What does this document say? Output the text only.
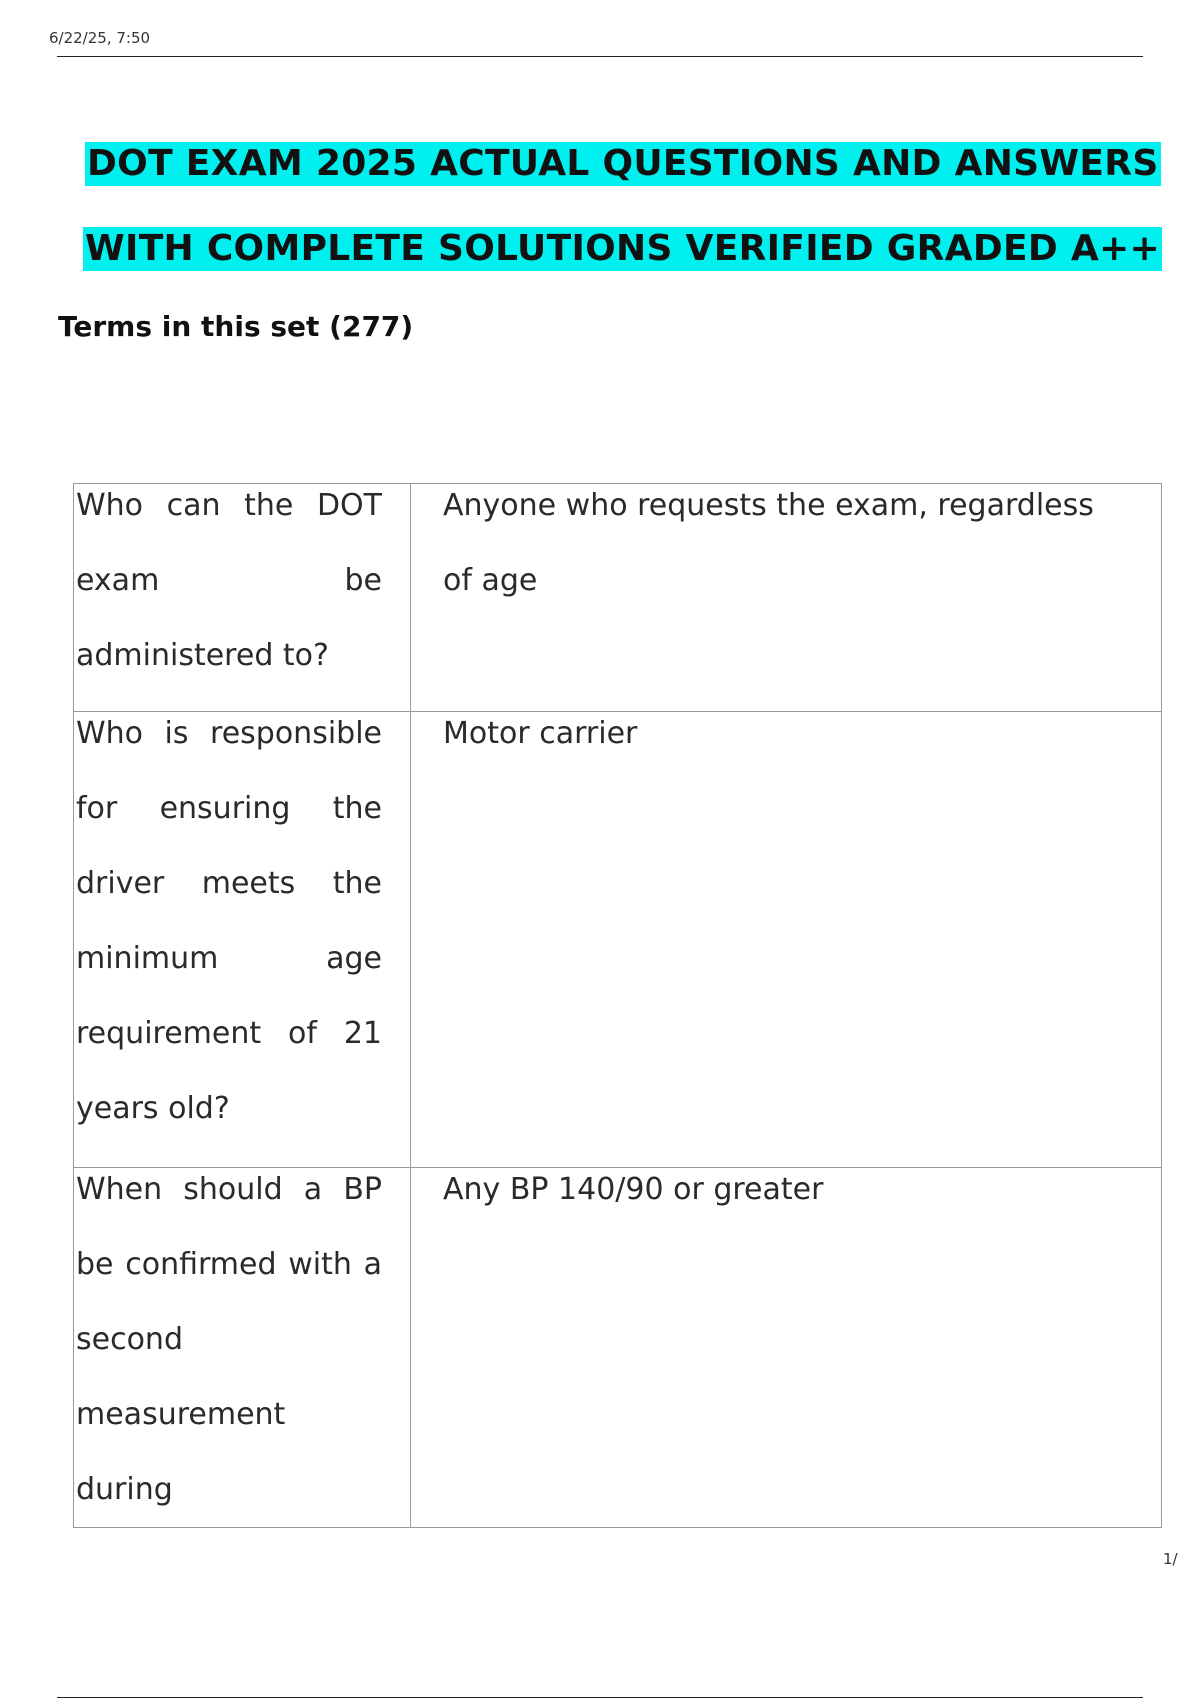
6/22/25, 7:50
DOT EXAM 2025 ACTUAL QUESTIONS AND ANSWERS
WITH COMPLETE SOLUTIONS VERIFIED GRADED A++
Terms in this set (277)
Who can the DOT exam be administered to?	Anyone who requests the exam, regardless of age

Who is responsible for ensuring the driver meets the minimum age requirement of 21 years old?	Motor carrier

When should a BP be confirmed with a second measurement during	Any BP 140/90 or greater
1/
